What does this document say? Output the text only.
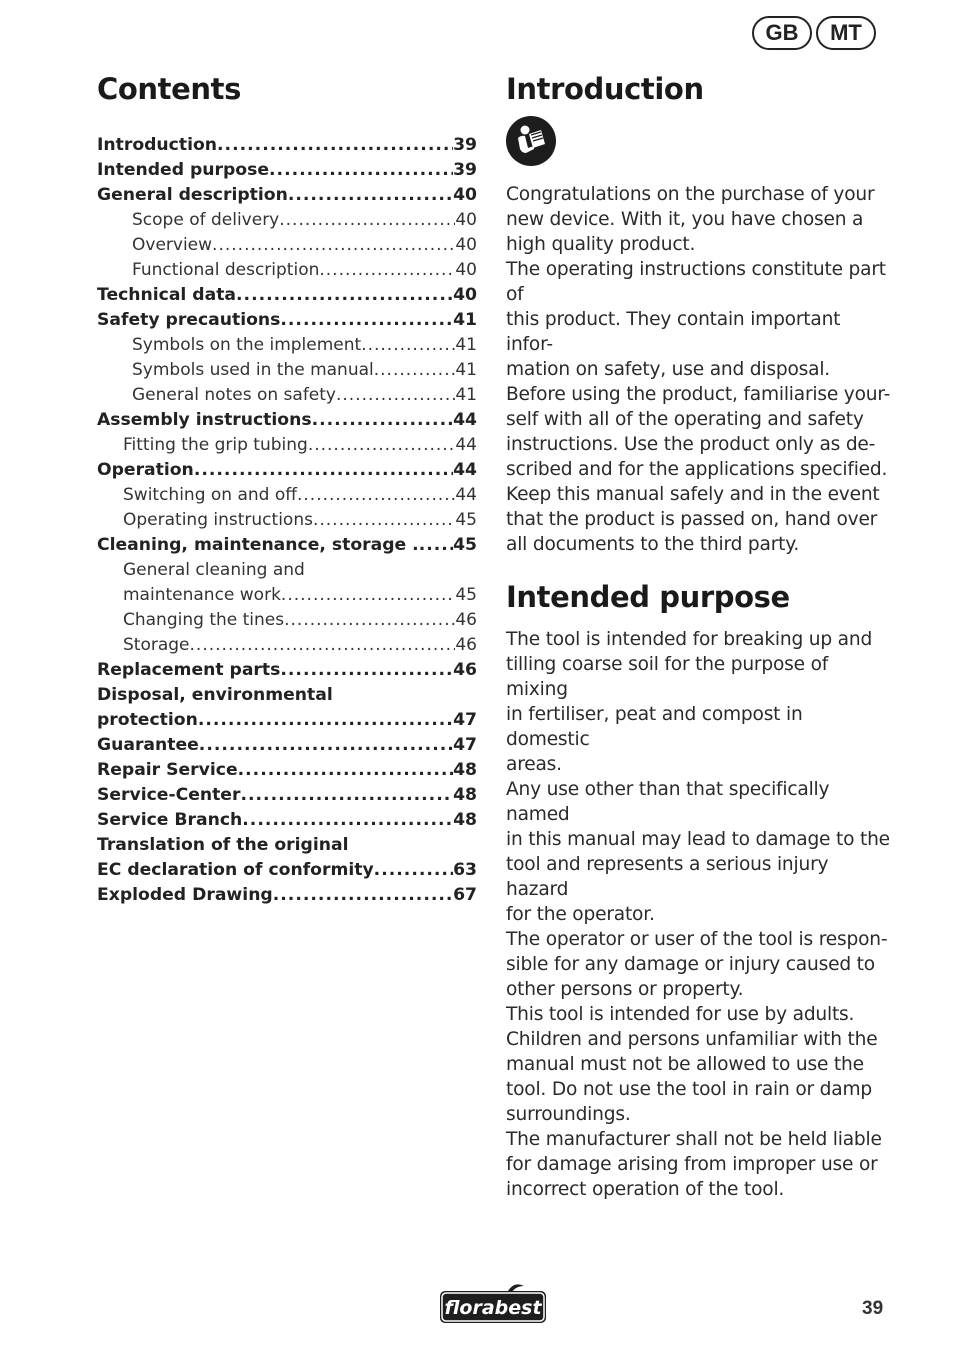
GB	MT
Contents
Introduction .....	39
Intended purpose .....	39
General description .....	40
Scope of delivery .....	40
Overview .....	40
Functional description .....	40
Technical data .....	40
Safety precautions .....	41
Symbols on the implement .....	41
Symbols used in the manual .....	41
General notes on safety .....	41
Assembly instructions .....	44
Fitting the grip tubing .....	44
Operation .....	44
Switching on and off .....	44
Operating instructions .....	45
Cleaning, maintenance, storage . ..... 45
General cleaning and
maintenance work .....	45
Changing the tines .....	46
Storage .....	46
Replacement parts .....	46
Disposal, environmental
protection .....	47
Guarantee .....	47
Repair Service .....	48
Service-Center .....	48
Service Branch .....	48
Translation of the original
EC declaration of conformity .....	63
Exploded Drawing .....	67
Introduction

Congratulations on the purchase of your

new device. With it, you have chosen a

high quality product.

The operating instructions constitute part of

this product. They contain important infor-

mation on safety, use and disposal.

Before using the product, familiarise your-

self with all of the operating and safety

instructions. Use the product only as de-

scribed and for the applications specified.

Keep this manual safely and in the event

that the product is passed on, hand over

all documents to the third party.

Intended purpose

The tool is intended for breaking up and

tilling coarse soil for the purpose of mixing

in fertiliser, peat and compost in domestic

areas.

Any use other than that specifically named

in this manual may lead to damage to the

tool and represents a serious injury hazard

for the operator.

The operator or user of the tool is respon-

sible for any damage or injury caused to

other persons or property.

This tool is intended for use by adults.

Children and persons unfamiliar with the

manual must not be allowed to use the

tool. Do not use the tool in rain or damp

surroundings.

The manufacturer shall not be held liable

for damage arising from improper use or

incorrect operation of the tool.

florabest	39
